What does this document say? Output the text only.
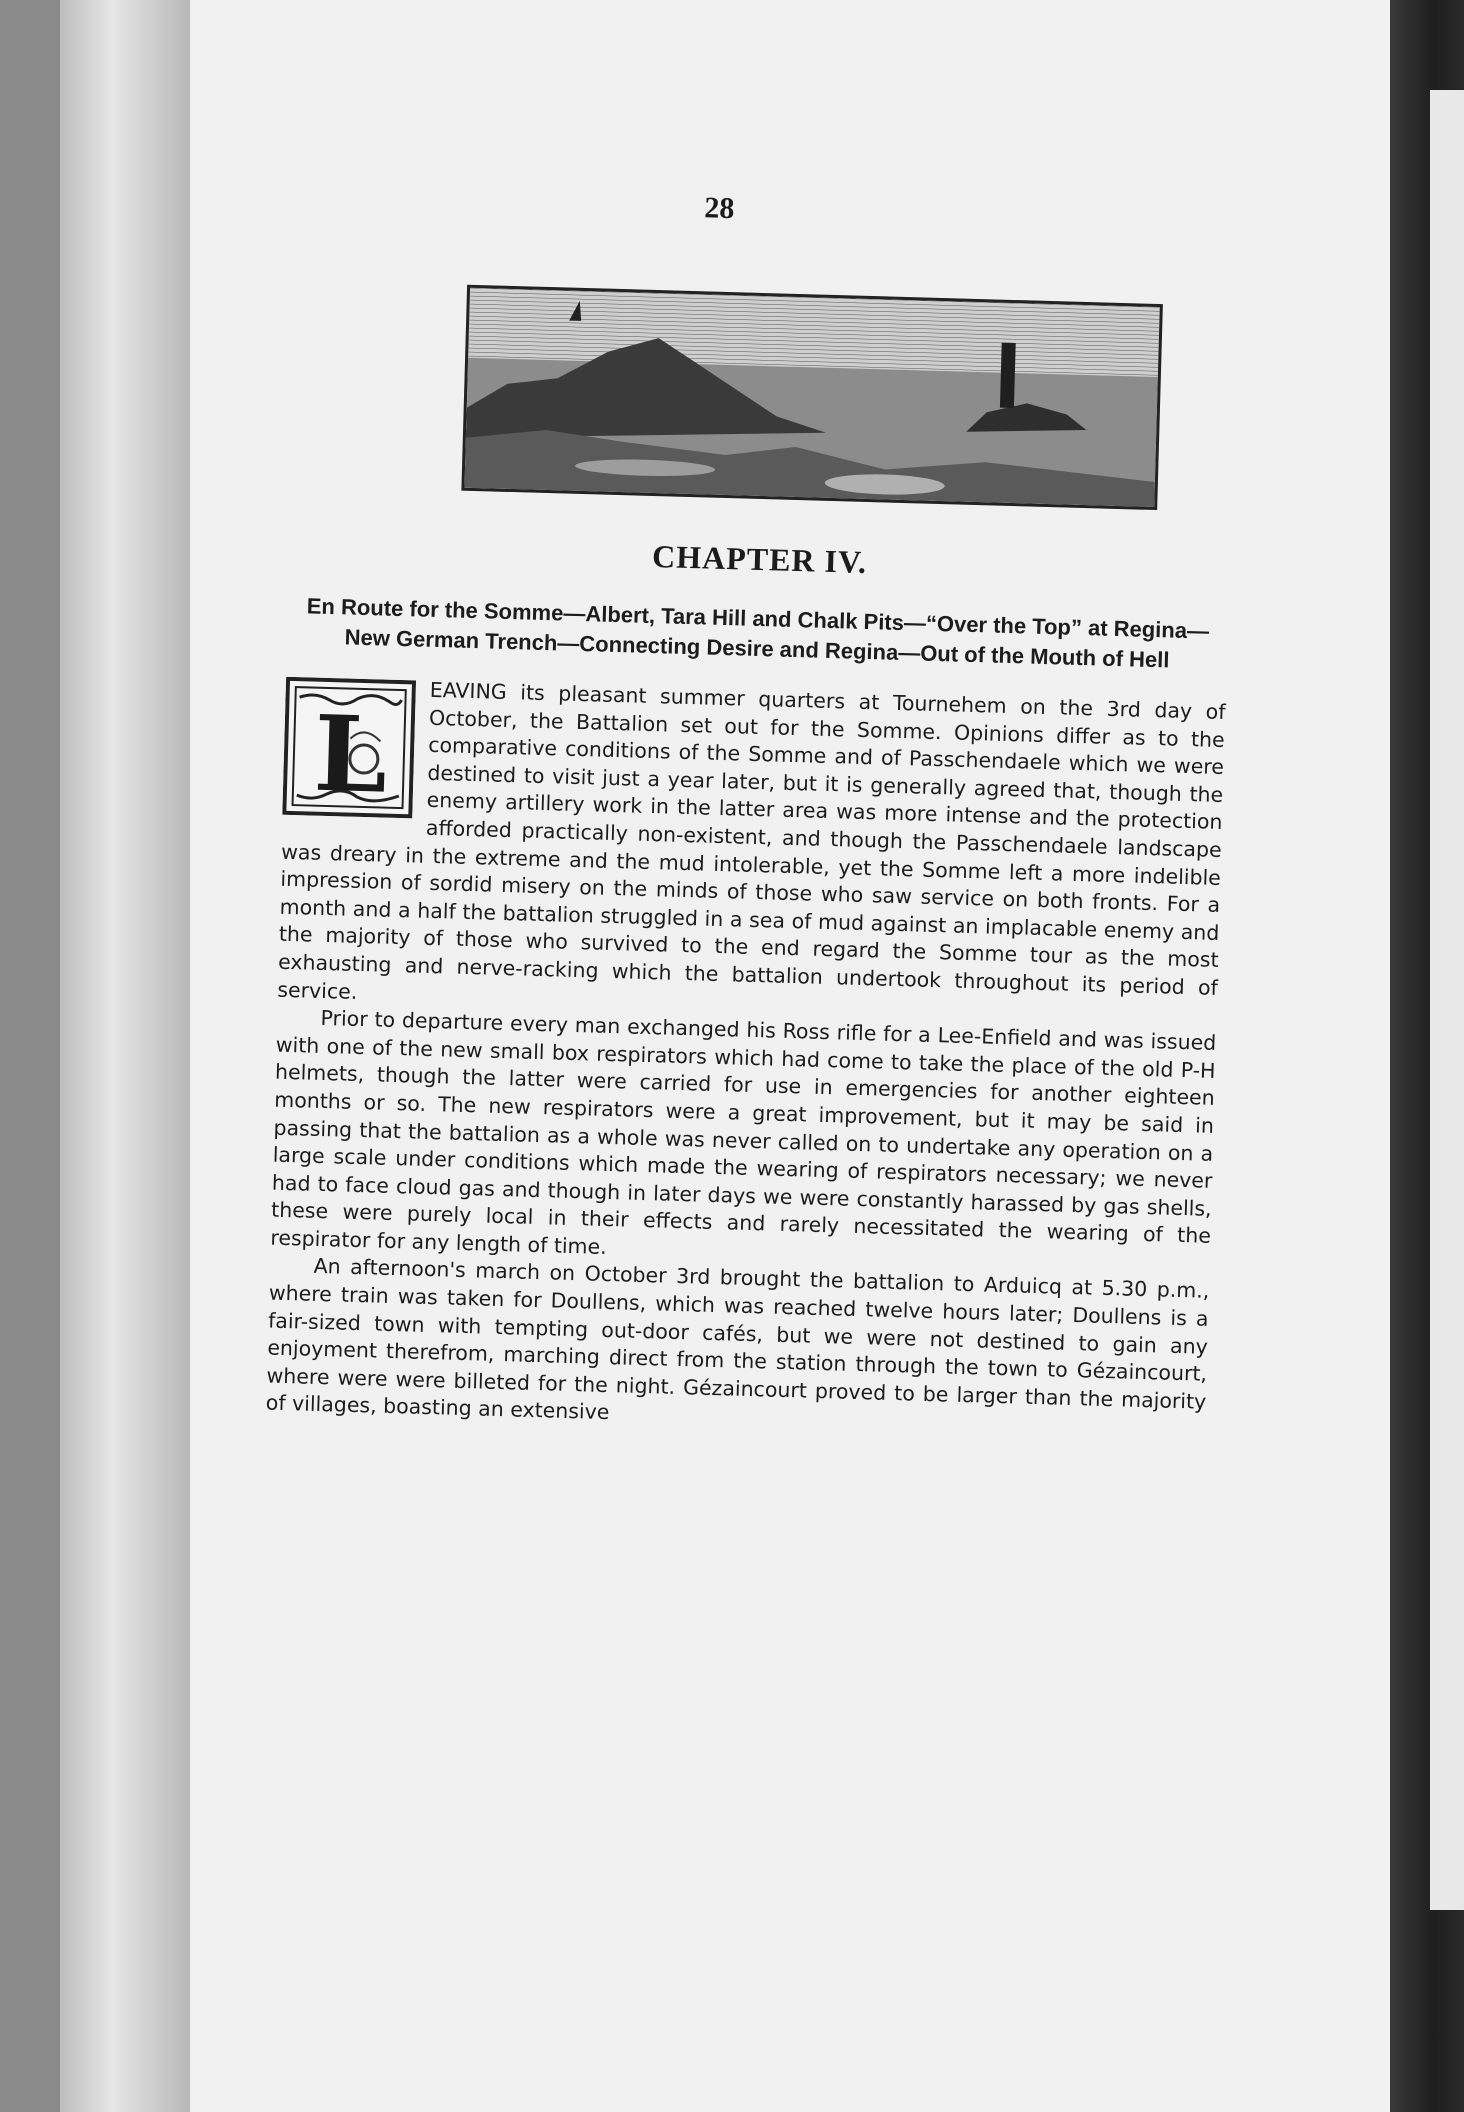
28
CHAPTER IV.
En Route for the Somme—Albert, Tara Hill and Chalk Pits—“Over the Top” at Regina—New German Trench—Connecting Desire and Regina—Out of the Mouth of Hell
L	EAVING its pleasant summer quarters at Tournehem on the 3rd day of October, the Battalion set out for the Somme. Opinions differ as to the comparative conditions of the Somme and of Passchendaele which we were destined to visit just a year later, but it is generally agreed that, though the enemy artillery work in the latter area was more intense and the protection afforded practically non-existent, and though the Passchendaele landscape was dreary in the extreme and the mud intolerable, yet the Somme left a more indelible impression of sordid misery on the minds of those who saw service on both fronts. For a month and a half the battalion struggled in a sea of mud against an implacable enemy and the majority of those who survived to the end regard the Somme tour as the most exhausting and nerve-racking which the battalion undertook throughout its period of service.

Prior to departure every man exchanged his Ross rifle for a Lee-Enfield and was issued with one of the new small box respirators which had come to take the place of the old P-H helmets, though the latter were carried for use in emergencies for another eighteen months or so. The new respirators were a great improvement, but it may be said in passing that the battalion as a whole was never called on to undertake any operation on a large scale under conditions which made the wearing of respirators necessary; we never had to face cloud gas and though in later days we were constantly harassed by gas shells, these were purely local in their effects and rarely necessitated the wearing of the respirator for any length of time.

An afternoon's march on October 3rd brought the battalion to Arduicq at 5.30 p.m., where train was taken for Doullens, which was reached twelve hours later; Doullens is a fair-sized town with tempting out-door cafés, but we were not destined to gain any enjoyment therefrom, marching direct from the station through the town to Gézaincourt, where were were billeted for the night. Gézaincourt proved to be larger than the majority of villages, boasting an extensive
